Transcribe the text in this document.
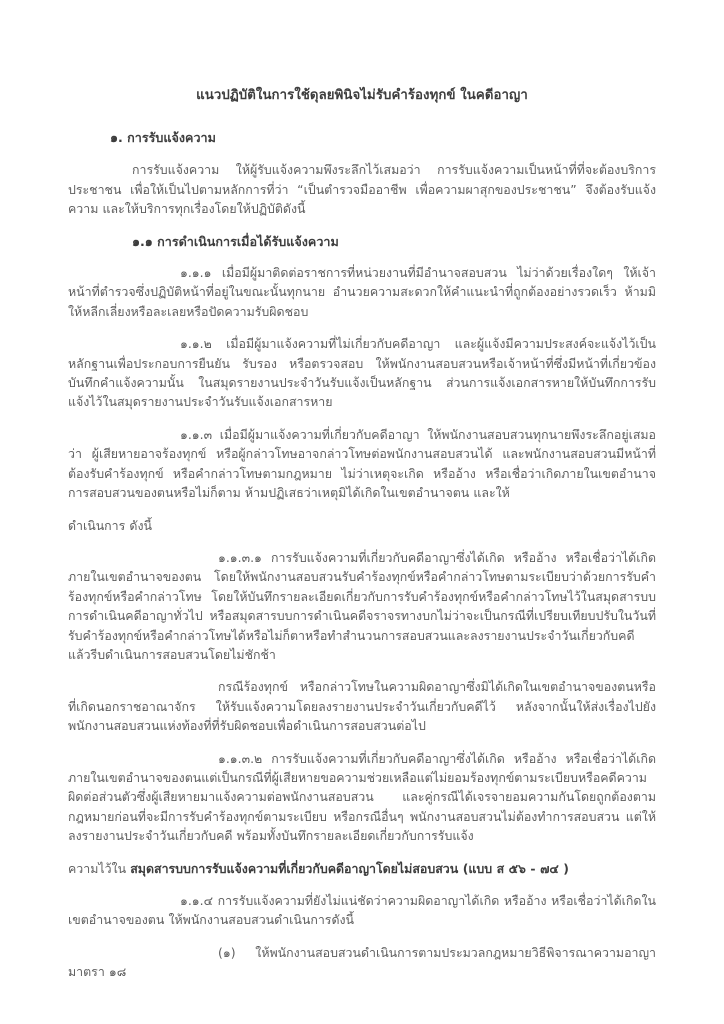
แนวปฏิบัติในการใช้ดุลยพินิจไม่รับคำร้องทุกข์ ในคดีอาญา
๑. การรับแจ้งความ

การรับแจ้งความ ให้ผู้รับแจ้งความพึงระลึกไว้เสมอว่า การรับแจ้งความเป็นหน้าที่ที่จะต้องบริการประชาชน เพื่อให้เป็นไปตามหลักการที่ว่า “เป็นตำรวจมืออาชีพ เพื่อความผาสุกของประชาชน” จึงต้องรับแจ้งความ และให้บริการทุกเรื่องโดยให้ปฏิบัติดังนี้

๑.๑ การดำเนินการเมื่อได้รับแจ้งความ

๑.๑.๑ เมื่อมีผู้มาติดต่อราชการที่หน่วยงานที่มีอำนาจสอบสวน ไม่ว่าด้วยเรื่องใดๆ ให้เจ้าหน้าที่ตำรวจซึ่งปฏิบัติหน้าที่อยู่ในขณะนั้นทุกนาย อำนวยความสะดวกให้คำแนะนำที่ถูกต้องอย่างรวดเร็ว ห้ามมิให้หลีกเลี่ยงหรือละเลยหรือปัดความรับผิดชอบ

๑.๑.๒ เมื่อมีผู้มาแจ้งความที่ไม่เกี่ยวกับคดีอาญา และผู้แจ้งมีความประสงค์จะแจ้งไว้เป็นหลักฐานเพื่อประกอบการยืนยัน รับรอง หรือตรวจสอบ ให้พนักงานสอบสวนหรือเจ้าหน้าที่ซึ่งมีหน้าที่เกี่ยวข้องบันทึกคำแจ้งความนั้น ในสมุดรายงานประจำวันรับแจ้งเป็นหลักฐาน ส่วนการแจ้งเอกสารหายให้บันทึกการรับแจ้งไว้ในสมุดรายงานประจำวันรับแจ้งเอกสารหาย

๑.๑.๓ เมื่อมีผู้มาแจ้งความที่เกี่ยวกับคดีอาญา ให้พนักงานสอบสวนทุกนายพึงระลึกอยู่เสมอว่า ผู้เสียหายอาจร้องทุกข์ หรือผู้กล่าวโทษอาจกล่าวโทษต่อพนักงานสอบสวนได้ และพนักงานสอบสวนมีหน้าที่ต้องรับคำร้องทุกข์ หรือคำกล่าวโทษตามกฎหมาย ไม่ว่าเหตุจะเกิด หรืออ้าง หรือเชื่อว่าเกิดภายในเขตอำนาจการสอบสวนของตนหรือไม่ก็ตาม ห้ามปฏิเสธว่าเหตุมิได้เกิดในเขตอำนาจตน และให้

ดำเนินการ ดังนี้

๑.๑.๓.๑ การรับแจ้งความที่เกี่ยวกับคดีอาญาซึ่งได้เกิด หรืออ้าง หรือเชื่อว่าได้เกิดภายในเขตอำนาจของตน โดยให้พนักงานสอบสวนรับคำร้องทุกข์หรือคำกล่าวโทษตามระเบียบว่าด้วยการรับคำร้องทุกข์หรือคำกล่าวโทษ โดยให้บันทึกรายละเอียดเกี่ยวกับการรับคำร้องทุกข์หรือคำกล่าวโทษไว้ในสมุดสารบบการดำเนินคดีอาญาทั่วไป หรือสมุดสารบบการดำเนินคดีจราจรทางบกไม่ว่าจะเป็นกรณีที่เปรียบเทียบปรับในวันที่รับคำร้องทุกข์หรือคำกล่าวโทษได้หรือไม่ก็ตาหรือทำสำนวนการสอบสวนและลงรายงานประจำวันเกี่ยวกับคดี แล้วรีบดำเนินการสอบสวนโดยไม่ชักช้า

กรณีร้องทุกข์ หรือกล่าวโทษในความผิดอาญาซึ่งมิได้เกิดในเขตอำนาจของตนหรือที่เกิดนอกราชอาณาจักร ให้รับแจ้งความโดยลงรายงานประจำวันเกี่ยวกับคดีไว้ หลังจากนั้นให้ส่งเรื่องไปยังพนักงานสอบสวนแห่งท้องที่ที่รับผิดชอบเพื่อดำเนินการสอบสวนต่อไป

๑.๑.๓.๒ การรับแจ้งความที่เกี่ยวกับคดีอาญาซึ่งได้เกิด หรืออ้าง หรือเชื่อว่าได้เกิดภายในเขตอำนาจของตนแต่เป็นกรณีที่ผู้เสียหายขอความช่วยเหลือแต่ไม่ยอมร้องทุกข์ตามระเบียบหรือคดีความผิดต่อส่วนตัวซึ่งผู้เสียหายมาแจ้งความต่อพนักงานสอบสวน และคู่กรณีได้เจรจายอมความกันโดยถูกต้องตามกฎหมายก่อนที่จะมีการรับคำร้องทุกข์ตามระเบียบ หรือกรณีอื่นๆ พนักงานสอบสวนไม่ต้องทำการสอบสวน แต่ให้ลงรายงานประจำวันเกี่ยวกับคดี พร้อมทั้งบันทึกรายละเอียดเกี่ยวกับการรับแจ้ง

ความไว้ใน สมุดสารบบการรับแจ้งความที่เกี่ยวกับคดีอาญาโดยไม่สอบสวน (แบบ ส ๕๖ - ๗๔ )

๑.๑.๔ การรับแจ้งความที่ยังไม่แน่ชัดว่าความผิดอาญาได้เกิด หรืออ้าง หรือเชื่อว่าได้เกิดในเขตอำนาจของตน ให้พนักงานสอบสวนดำเนินการดังนี้

(๑) ให้พนักงานสอบสวนดำเนินการตามประมวลกฎหมายวิธีพิจารณาความอาญา มาตรา ๑๘
